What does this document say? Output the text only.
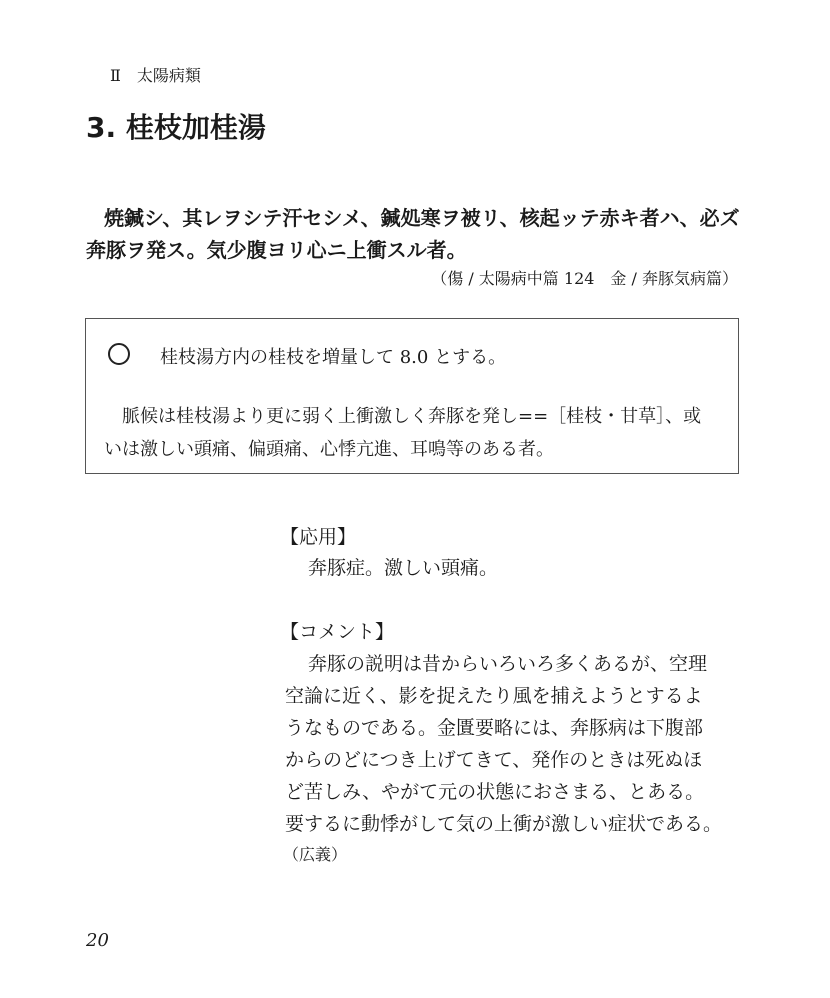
Ⅱ　太陽病類
3. 桂枝加桂湯
焼鍼シ、其レヲシテ汗セシメ、鍼処寒ヲ被リ、核起ッテ赤キ者ハ、必ズ
奔豚ヲ発ス。気少腹ヨリ心ニ上衝スル者。
（傷 / 太陽病中篇 124　金 / 奔豚気病篇）
桂枝湯方内の桂枝を増量して 8.0 とする。
脈候は桂枝湯より更に弱く上衝激しく奔豚を発し==［桂枝・甘草］、或
いは激しい頭痛、偏頭痛、心悸亢進、耳鳴等のある者。
【応用】
奔豚症。激しい頭痛。
【コメント】
奔豚の説明は昔からいろいろ多くあるが、空理
空論に近く、影を捉えたり風を捕えようとするよ
うなものである。金匱要略には、奔豚病は下腹部
からのどにつき上げてきて、発作のときは死ぬほ
ど苦しみ、やがて元の状態におさまる、とある。
要するに動悸がして気の上衝が激しい症状である。
（広義）
20
